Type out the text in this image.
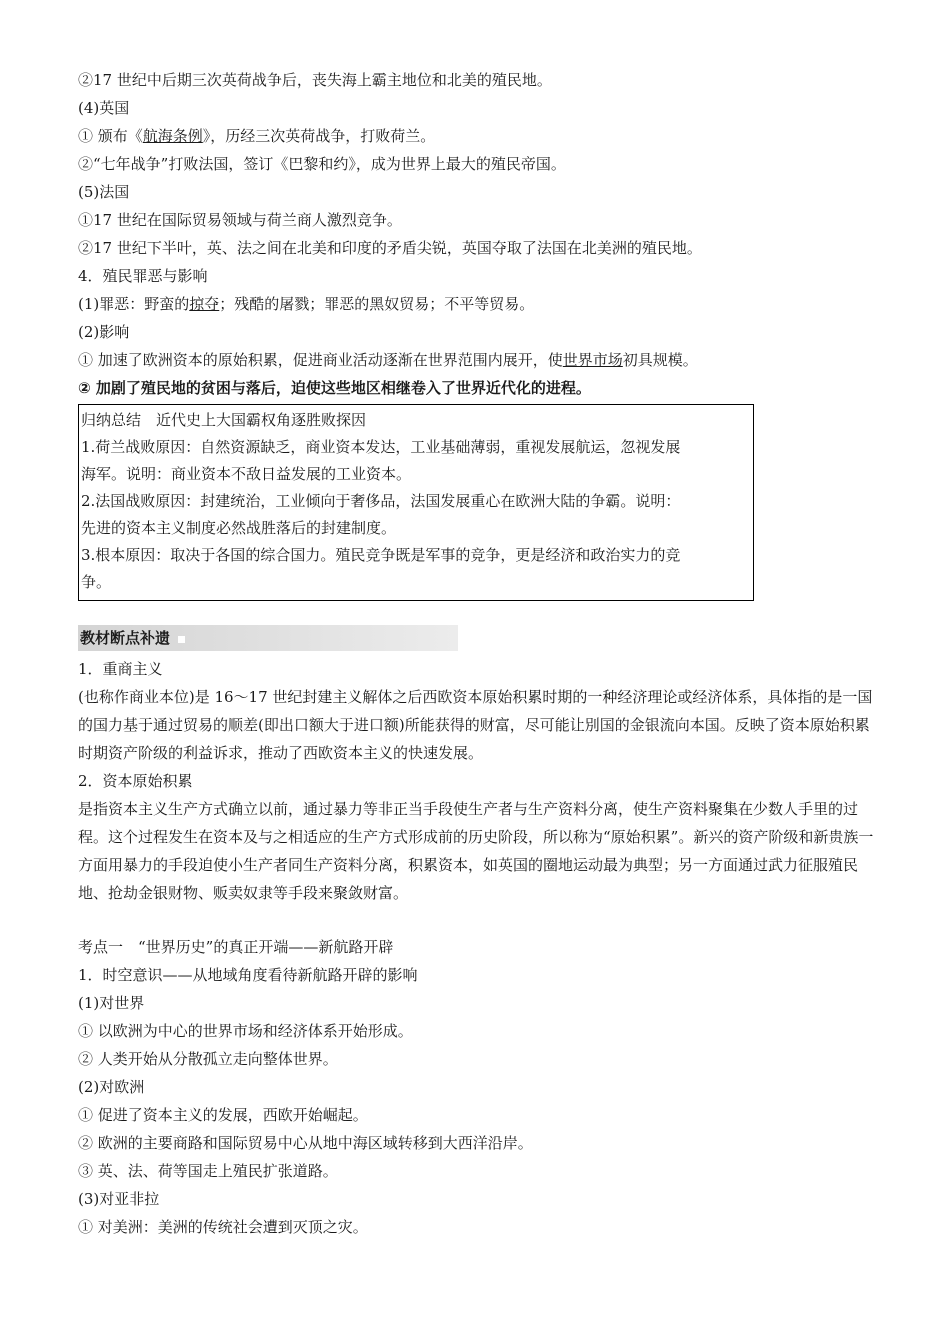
②17 世纪中后期三次英荷战争后，丧失海上霸主地位和北美的殖民地。
(4)英国
① 颁布《航海条例》，历经三次英荷战争，打败荷兰。
②“七年战争”打败法国，签订《巴黎和约》，成为世界上最大的殖民帝国。
(5)法国
①17 世纪在国际贸易领域与荷兰商人激烈竞争。
②17 世纪下半叶，英、法之间在北美和印度的矛盾尖锐，英国夺取了法国在北美洲的殖民地。
4．殖民罪恶与影响
(1)罪恶：野蛮的掠夺；残酷的屠戮；罪恶的黑奴贸易；不平等贸易。
(2)影响
① 加速了欧洲资本的原始积累，促进商业活动逐渐在世界范围内展开，使世界市场初具规模。
② 加剧了殖民地的贫困与落后，迫使这些地区相继卷入了世界近代化的进程。
归纳总结　近代史上大国霸权角逐胜败探因
1.荷兰战败原因：自然资源缺乏，商业资本发达，工业基础薄弱，重视发展航运，忽视发展
海军。说明：商业资本不敌日益发展的工业资本。
2.法国战败原因：封建统治，工业倾向于奢侈品，法国发展重心在欧洲大陆的争霸。说明：
先进的资本主义制度必然战胜落后的封建制度。
3.根本原因：取决于各国的综合国力。殖民竞争既是军事的竞争，更是经济和政治实力的竞
争。
教材断点补遗
1．重商主义
(也称作商业本位)是 16～17 世纪封建主义解体之后西欧资本原始积累时期的一种经济理论或经济体系，具体指的是一国的国力基于通过贸易的顺差(即出口额大于进口额)所能获得的财富，尽可能让別国的金银流向本国。反映了资本原始积累时期资产阶级的利益诉求，推动了西欧资本主义的快速发展。
2．资本原始积累
是指资本主义生产方式确立以前，通过暴力等非正当手段使生产者与生产资料分离，使生产资料聚集在少数人手里的过程。这个过程发生在资本及与之相适应的生产方式形成前的历史阶段，所以称为“原始积累”。新兴的资产阶级和新贵族一方面用暴力的手段迫使小生产者同生产资料分离，积累资本，如英国的圈地运动最为典型；另一方面通过武力征服殖民地、抢劫金银财物、贩卖奴隶等手段来聚敛财富。
考点一　“世界历史”的真正开端——新航路开辟
1．时空意识——从地域角度看待新航路开辟的影响
(1)对世界
① 以欧洲为中心的世界市场和经济体系开始形成。
② 人类开始从分散孤立走向整体世界。
(2)对欧洲
① 促进了资本主义的发展，西欧开始崛起。
② 欧洲的主要商路和国际贸易中心从地中海区域转移到大西洋沿岸。
③ 英、法、荷等国走上殖民扩张道路。
(3)对亚非拉
① 对美洲：美洲的传统社会遭到灭顶之灾。
